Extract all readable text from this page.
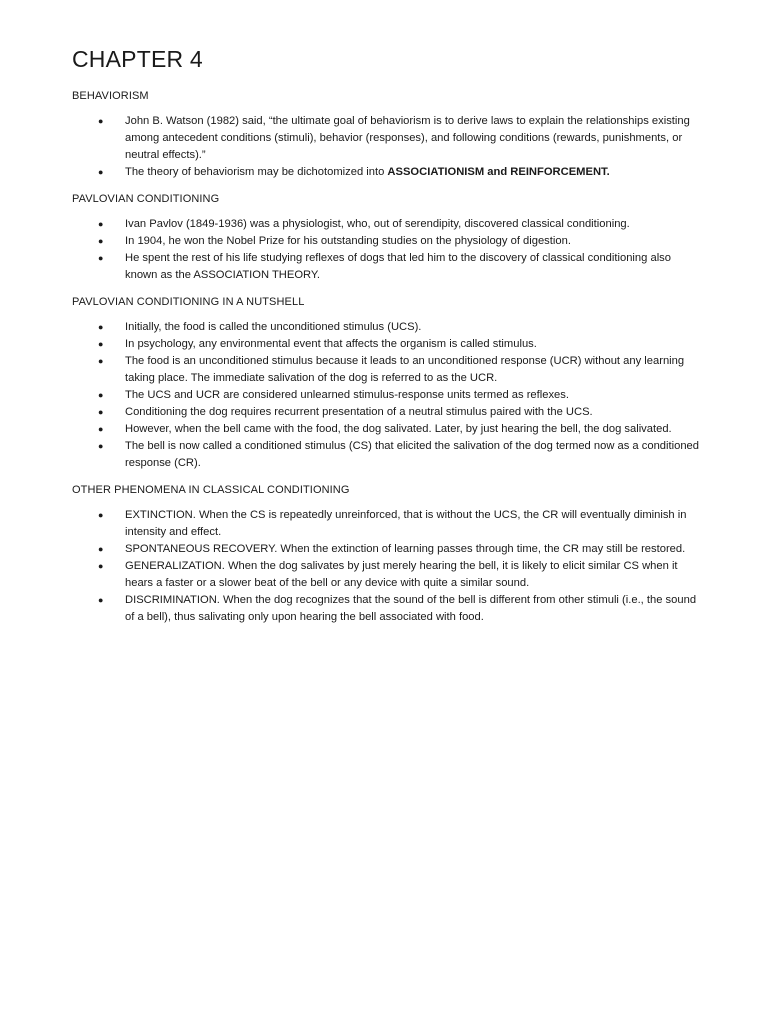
CHAPTER 4
BEHAVIORISM
● John B. Watson (1982) said, “the ultimate goal of behaviorism is to derive laws to explain the relationships existing among antecedent conditions (stimuli), behavior (responses), and following conditions (rewards, punishments, or neutral effects).”
● The theory of behaviorism may be dichotomized into ASSOCIATIONISM and REINFORCEMENT.
PAVLOVIAN CONDITIONING
● Ivan Pavlov (1849-1936) was a physiologist, who, out of serendipity, discovered classical conditioning.
● In 1904, he won the Nobel Prize for his outstanding studies on the physiology of digestion.
● He spent the rest of his life studying reflexes of dogs that led him to the discovery of classical conditioning also known as the ASSOCIATION THEORY.
PAVLOVIAN CONDITIONING IN A NUTSHELL
● Initially, the food is called the unconditioned stimulus (UCS).
● In psychology, any environmental event that affects the organism is called stimulus.
● The food is an unconditioned stimulus because it leads to an unconditioned response (UCR) without any learning taking place. The immediate salivation of the dog is referred to as the UCR.
● The UCS and UCR are considered unlearned stimulus-response units termed as reflexes.
● Conditioning the dog requires recurrent presentation of a neutral stimulus paired with the UCS.
● However, when the bell came with the food, the dog salivated. Later, by just hearing the bell, the dog salivated.
● The bell is now called a conditioned stimulus (CS) that elicited the salivation of the dog termed now as a conditioned response (CR).
OTHER PHENOMENA IN CLASSICAL CONDITIONING
● EXTINCTION. When the CS is repeatedly unreinforced, that is without the UCS, the CR will eventually diminish in intensity and effect.
● SPONTANEOUS RECOVERY. When the extinction of learning passes through time, the CR may still be restored.
● GENERALIZATION. When the dog salivates by just merely hearing the bell, it is likely to elicit similar CS when it hears a faster or a slower beat of the bell or any device with quite a similar sound.
● DISCRIMINATION. When the dog recognizes that the sound of the bell is different from other stimuli (i.e., the sound of a bell), thus salivating only upon hearing the bell associated with food.
